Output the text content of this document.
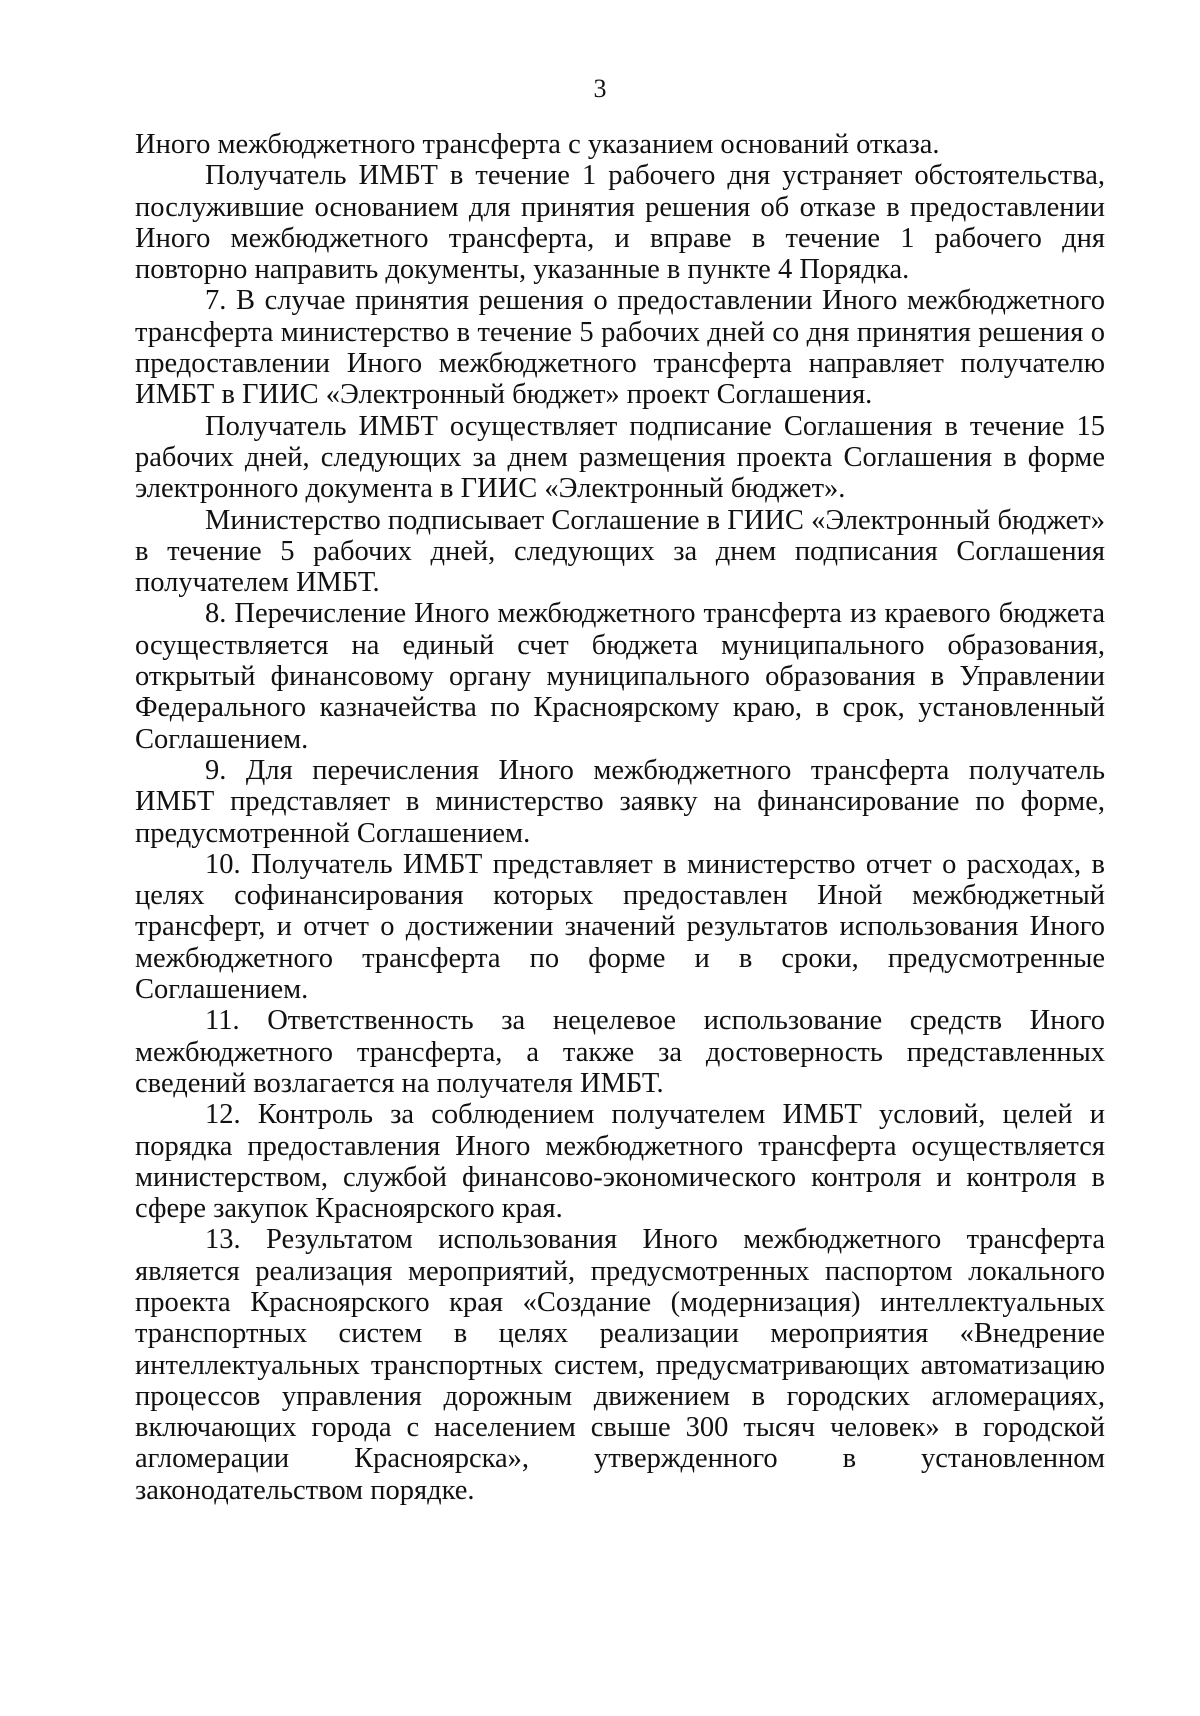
3

Иного межбюджетного трансферта с указанием оснований отказа.

Получатель ИМБТ в течение 1 рабочего дня устраняет обстоятельства, послужившие основанием для принятия решения об отказе в предоставлении Иного межбюджетного трансферта, и вправе в течение 1 рабочего дня повторно направить документы, указанные в пункте 4 Порядка.

7. В случае принятия решения о предоставлении Иного межбюджетного трансферта министерство в течение 5 рабочих дней со дня принятия решения о предоставлении Иного межбюджетного трансферта направляет получателю ИМБТ в ГИИС «Электронный бюджет» проект Соглашения.

Получатель ИМБТ осуществляет подписание Соглашения в течение 15 рабочих дней, следующих за днем размещения проекта Соглашения в форме электронного документа в ГИИС «Электронный бюджет».

Министерство подписывает Соглашение в ГИИС «Электронный бюджет» в течение 5 рабочих дней, следующих за днем подписания Соглашения получателем ИМБТ.

8. Перечисление Иного межбюджетного трансферта из краевого бюджета осуществляется на единый счет бюджета муниципального образования, открытый финансовому органу муниципального образования в Управлении Федерального казначейства по Красноярскому краю, в срок, установленный Соглашением.

9. Для перечисления Иного межбюджетного трансферта получатель ИМБТ представляет в министерство заявку на финансирование по форме, предусмотренной Соглашением.

10. Получатель ИМБТ представляет в министерство отчет о расходах, в целях софинансирования которых предоставлен Иной межбюджетный трансферт, и отчет о достижении значений результатов использования Иного межбюджетного трансферта по форме и в сроки, предусмотренные Соглашением.

11. Ответственность за нецелевое использование средств Иного межбюджетного трансферта, а также за достоверность представленных сведений возлагается на получателя ИМБТ.

12. Контроль за соблюдением получателем ИМБТ условий, целей и порядка предоставления Иного межбюджетного трансферта осуществляется министерством, службой финансово-экономического контроля и контроля в сфере закупок Красноярского края.

13. Результатом использования Иного межбюджетного трансферта является реализация мероприятий, предусмотренных паспортом локального проекта Красноярского края «Создание (модернизация) интеллектуальных транспортных систем в целях реализации мероприятия «Внедрение интеллектуальных транспортных систем, предусматривающих автоматизацию процессов управления дорожным движением в городских агломерациях, включающих города с населением свыше 300 тысяч человек» в городской агломерации Красноярска», утвержденного в установленном законодательством порядке.
